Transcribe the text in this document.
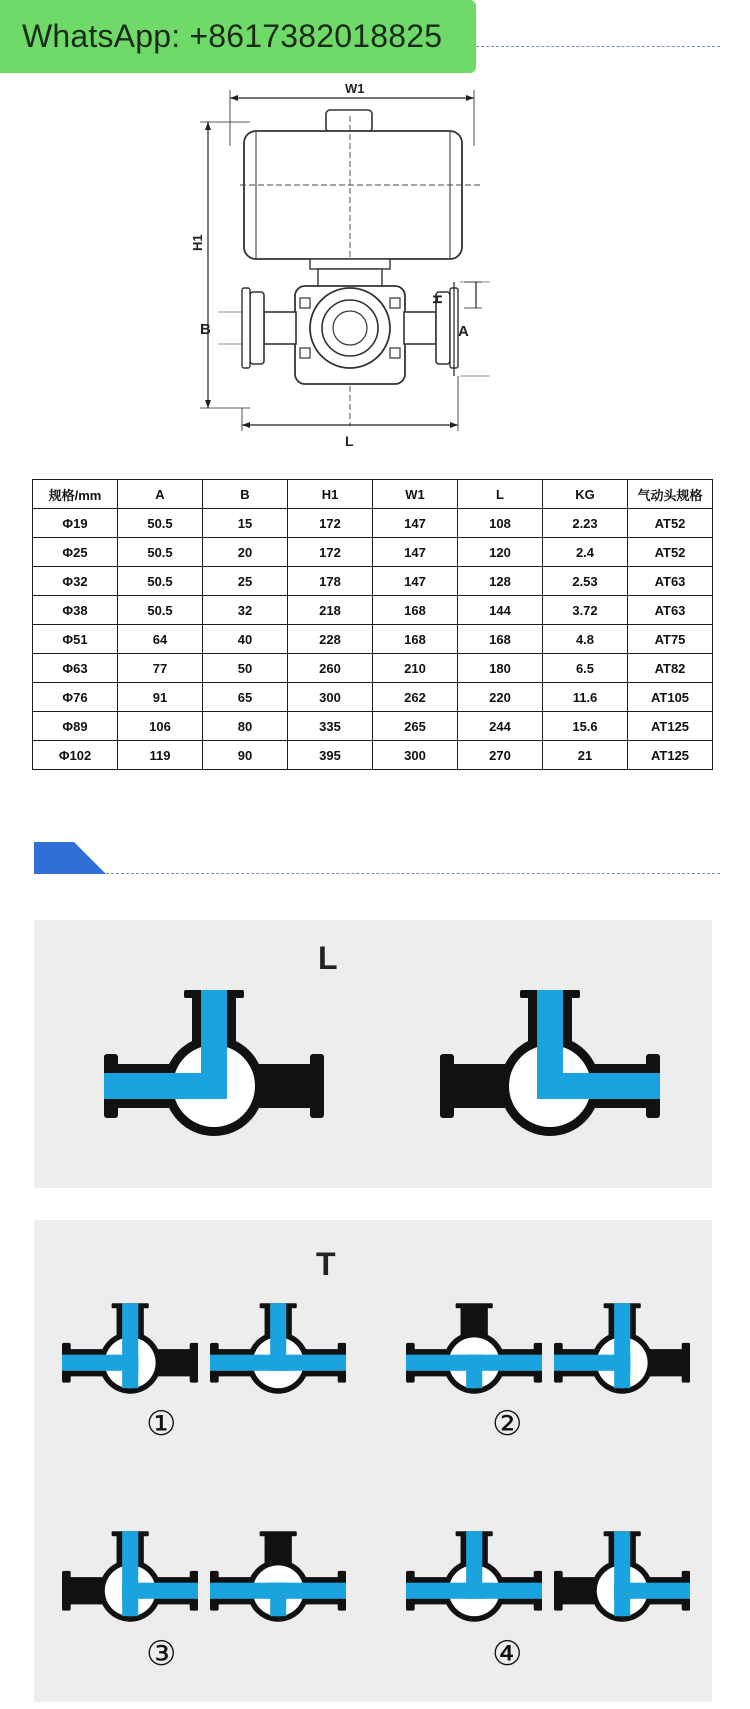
WhatsApp: +8617382018825
W1
H1
H
A
B
L
规格/mm	A	B	H1	W1	L	KG	气动头规格
Φ19	50.5	15	172	147	108	2.23	AT52
Φ25	50.5	20	172	147	120	2.4	AT52
Φ32	50.5	25	178	147	128	2.53	AT63
Φ38	50.5	32	218	168	144	3.72	AT63
Φ51	64	40	228	168	168	4.8	AT75
Φ63	77	50	260	210	180	6.5	AT82
Φ76	91	65	300	262	220	11.6	AT105
Φ89	106	80	335	265	244	15.6	AT125
Φ102	119	90	395	300	270	21	AT125
L
T
①	②
③	④
